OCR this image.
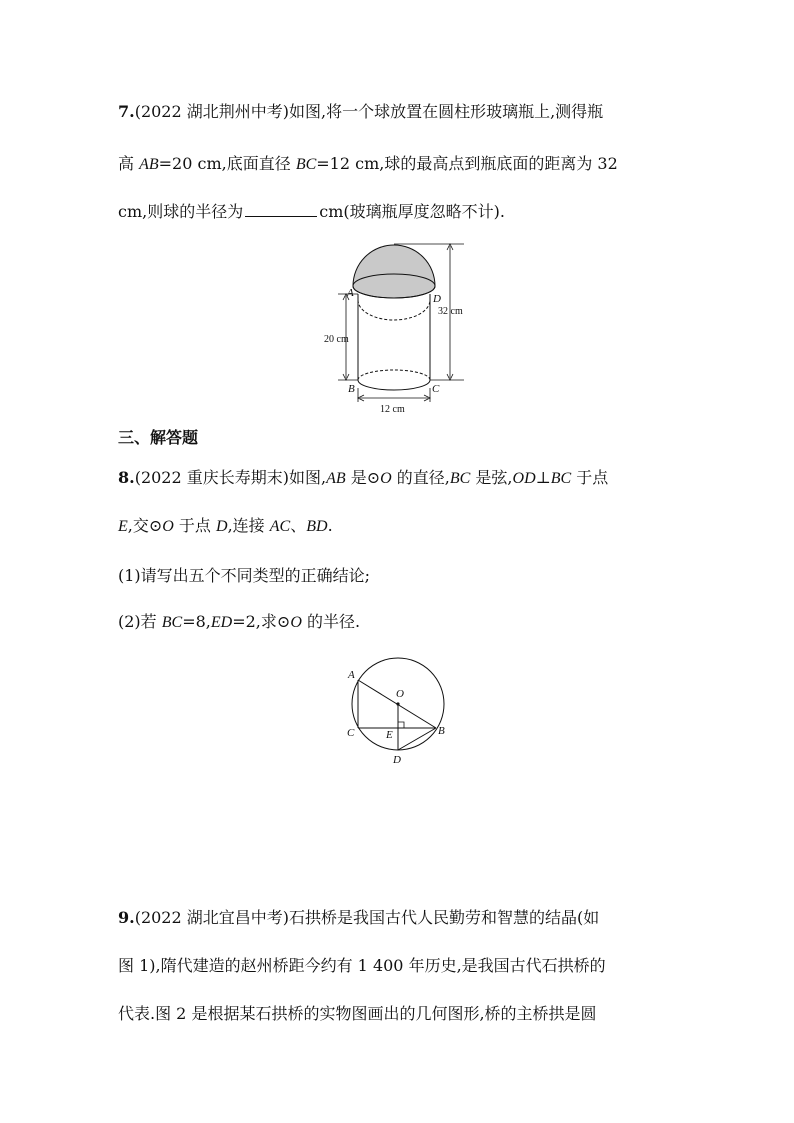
7.(2022 湖北荆州中考)如图,将一个球放置在圆柱形玻璃瓶上,测得瓶
高 AB=20 cm,底面直径 BC=12 cm,球的最高点到瓶底面的距离为 32
cm,则球的半径为	cm(玻璃瓶厚度忽略不计).
A	D
B	C
20 cm
32 cm
12 cm
三、解答题
8.(2022 重庆长寿期末)如图,AB 是⊙O 的直径,BC 是弦,OD⊥BC 于点
E,交⊙O 于点 D,连接 AC、BD.
(1)请写出五个不同类型的正确结论;
(2)若 BC=8,ED=2,求⊙O 的半径.
A
O
C	E	B
D
9.(2022 湖北宜昌中考)石拱桥是我国古代人民勤劳和智慧的结晶(如
图 1),隋代建造的赵州桥距今约有 1 400 年历史,是我国古代石拱桥的
代表.图 2 是根据某石拱桥的实物图画出的几何图形,桥的主桥拱是圆
